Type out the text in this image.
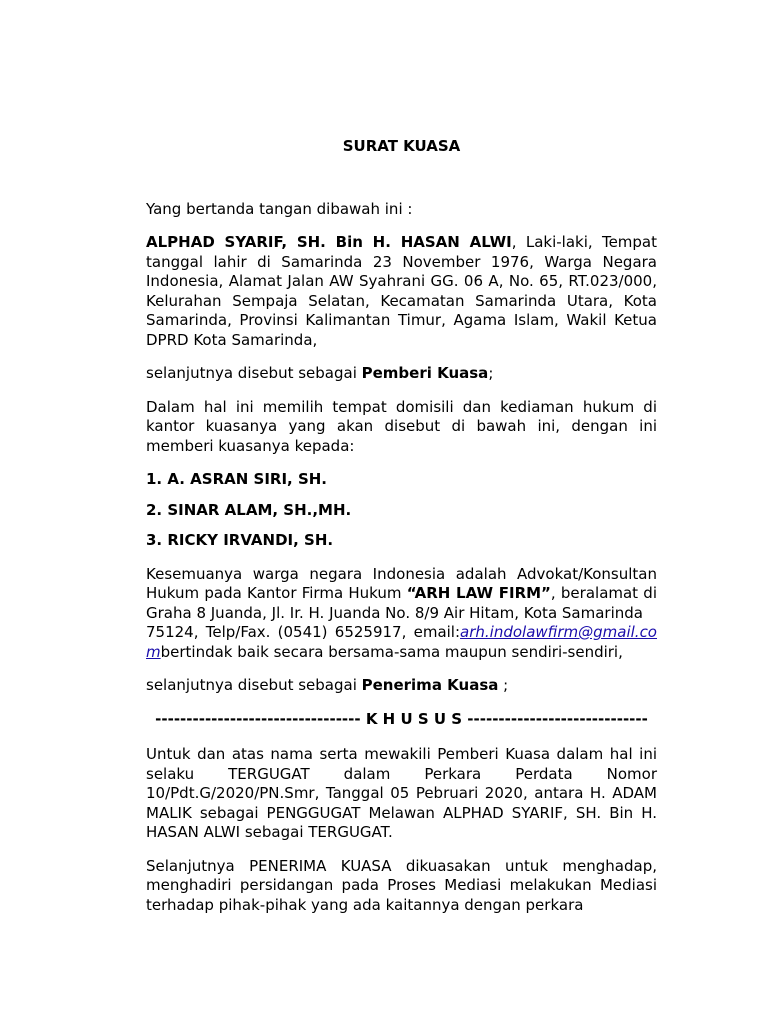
SURAT KUASA

Yang bertanda tangan dibawah ini :

ALPHAD SYARIF, SH. Bin H. HASAN ALWI, Laki-laki, Tempat tanggal lahir di Samarinda 23 November 1976, Warga Negara Indonesia, Alamat Jalan AW Syahrani GG. 06 A, No. 65, RT.023/000, Kelurahan Sempaja Selatan, Kecamatan Samarinda Utara, Kota Samarinda, Provinsi Kalimantan Timur, Agama Islam, Wakil Ketua DPRD Kota Samarinda,

selanjutnya disebut sebagai Pemberi Kuasa;

Dalam hal ini memilih tempat domisili dan kediaman hukum di kantor kuasanya yang akan disebut di bawah ini, dengan ini memberi kuasanya kepada:

1. A. ASRAN SIRI, SH.
2. SINAR ALAM, SH.,MH.
3. RICKY IRVANDI, SH.

Kesemuanya warga negara Indonesia adalah Advokat/Konsultan Hukum pada Kantor Firma Hukum “ARH LAW FIRM”, beralamat di Graha 8 Juanda, Jl. Ir. H. Juanda No. 8/9 Air Hitam, Kota Samarinda
75124, Telp/Fax. (0541) 6525917, email:arh.indolawfirm@gmail.combertindak baik secara bersama-sama maupun sendiri-sendiri,

selanjutnya disebut sebagai Penerima Kuasa ;

--------------------------------- K H U S U S -----------------------------

Untuk dan atas nama serta mewakili Pemberi Kuasa dalam hal ini selaku TERGUGAT dalam Perkara Perdata Nomor 10/Pdt.G/2020/PN.Smr, Tanggal 05 Pebruari 2020, antara H. ADAM MALIK sebagai PENGGUGAT Melawan ALPHAD SYARIF, SH. Bin H. HASAN ALWI sebagai TERGUGAT.

Selanjutnya PENERIMA KUASA dikuasakan untuk menghadap, menghadiri persidangan pada Proses Mediasi melakukan Mediasi terhadap pihak-pihak yang ada kaitannya dengan perkara
